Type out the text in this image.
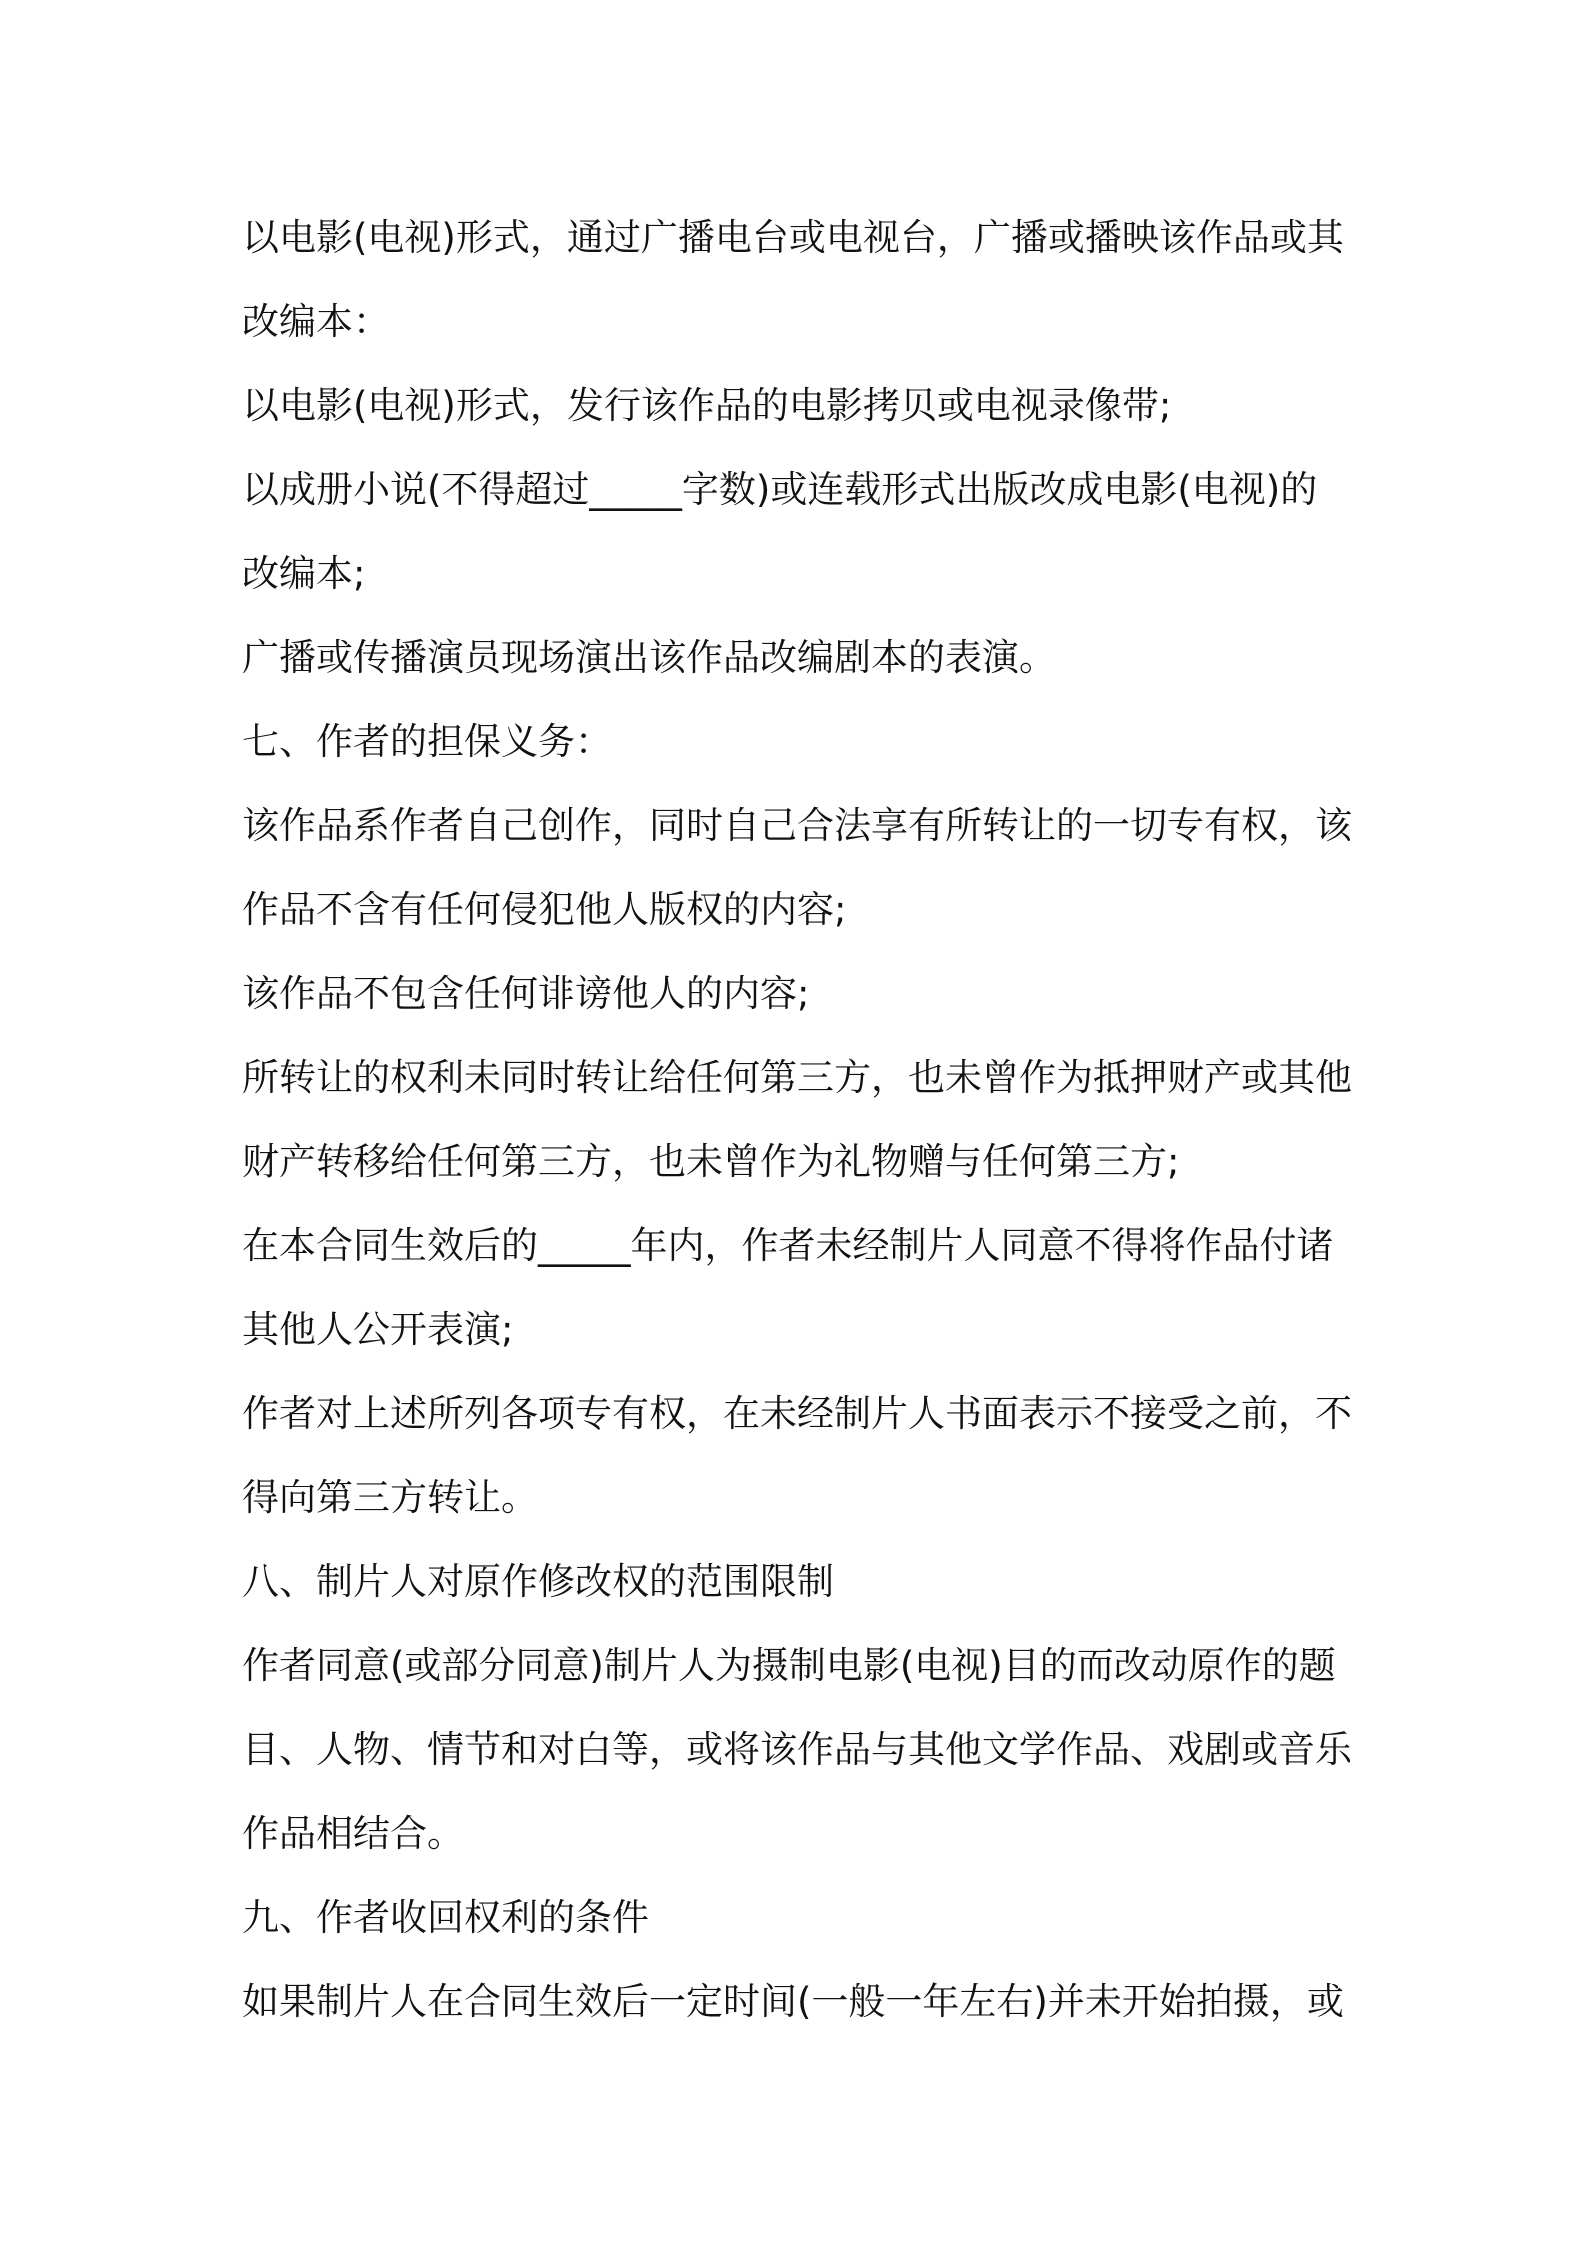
以电影(电视)形式，通过广播电台或电视台，广播或播映该作品或其
改编本：
以电影(电视)形式，发行该作品的电影拷贝或电视录像带;
以成册小说(不得超过_____字数)或连载形式出版改成电影(电视)的
改编本;
广播或传播演员现场演出该作品改编剧本的表演。
七、作者的担保义务：
该作品系作者自己创作，同时自己合法享有所转让的一切专有权，该
作品不含有任何侵犯他人版权的内容;
该作品不包含任何诽谤他人的内容;
所转让的权利未同时转让给任何第三方，也未曾作为抵押财产或其他
财产转移给任何第三方，也未曾作为礼物赠与任何第三方;
在本合同生效后的_____年内，作者未经制片人同意不得将作品付诸
其他人公开表演;
作者对上述所列各项专有权，在未经制片人书面表示不接受之前，不
得向第三方转让。
八、制片人对原作修改权的范围限制
作者同意(或部分同意)制片人为摄制电影(电视)目的而改动原作的题
目、人物、情节和对白等，或将该作品与其他文学作品、戏剧或音乐
作品相结合。
九、作者收回权利的条件
如果制片人在合同生效后一定时间(一般一年左右)并未开始拍摄，或
